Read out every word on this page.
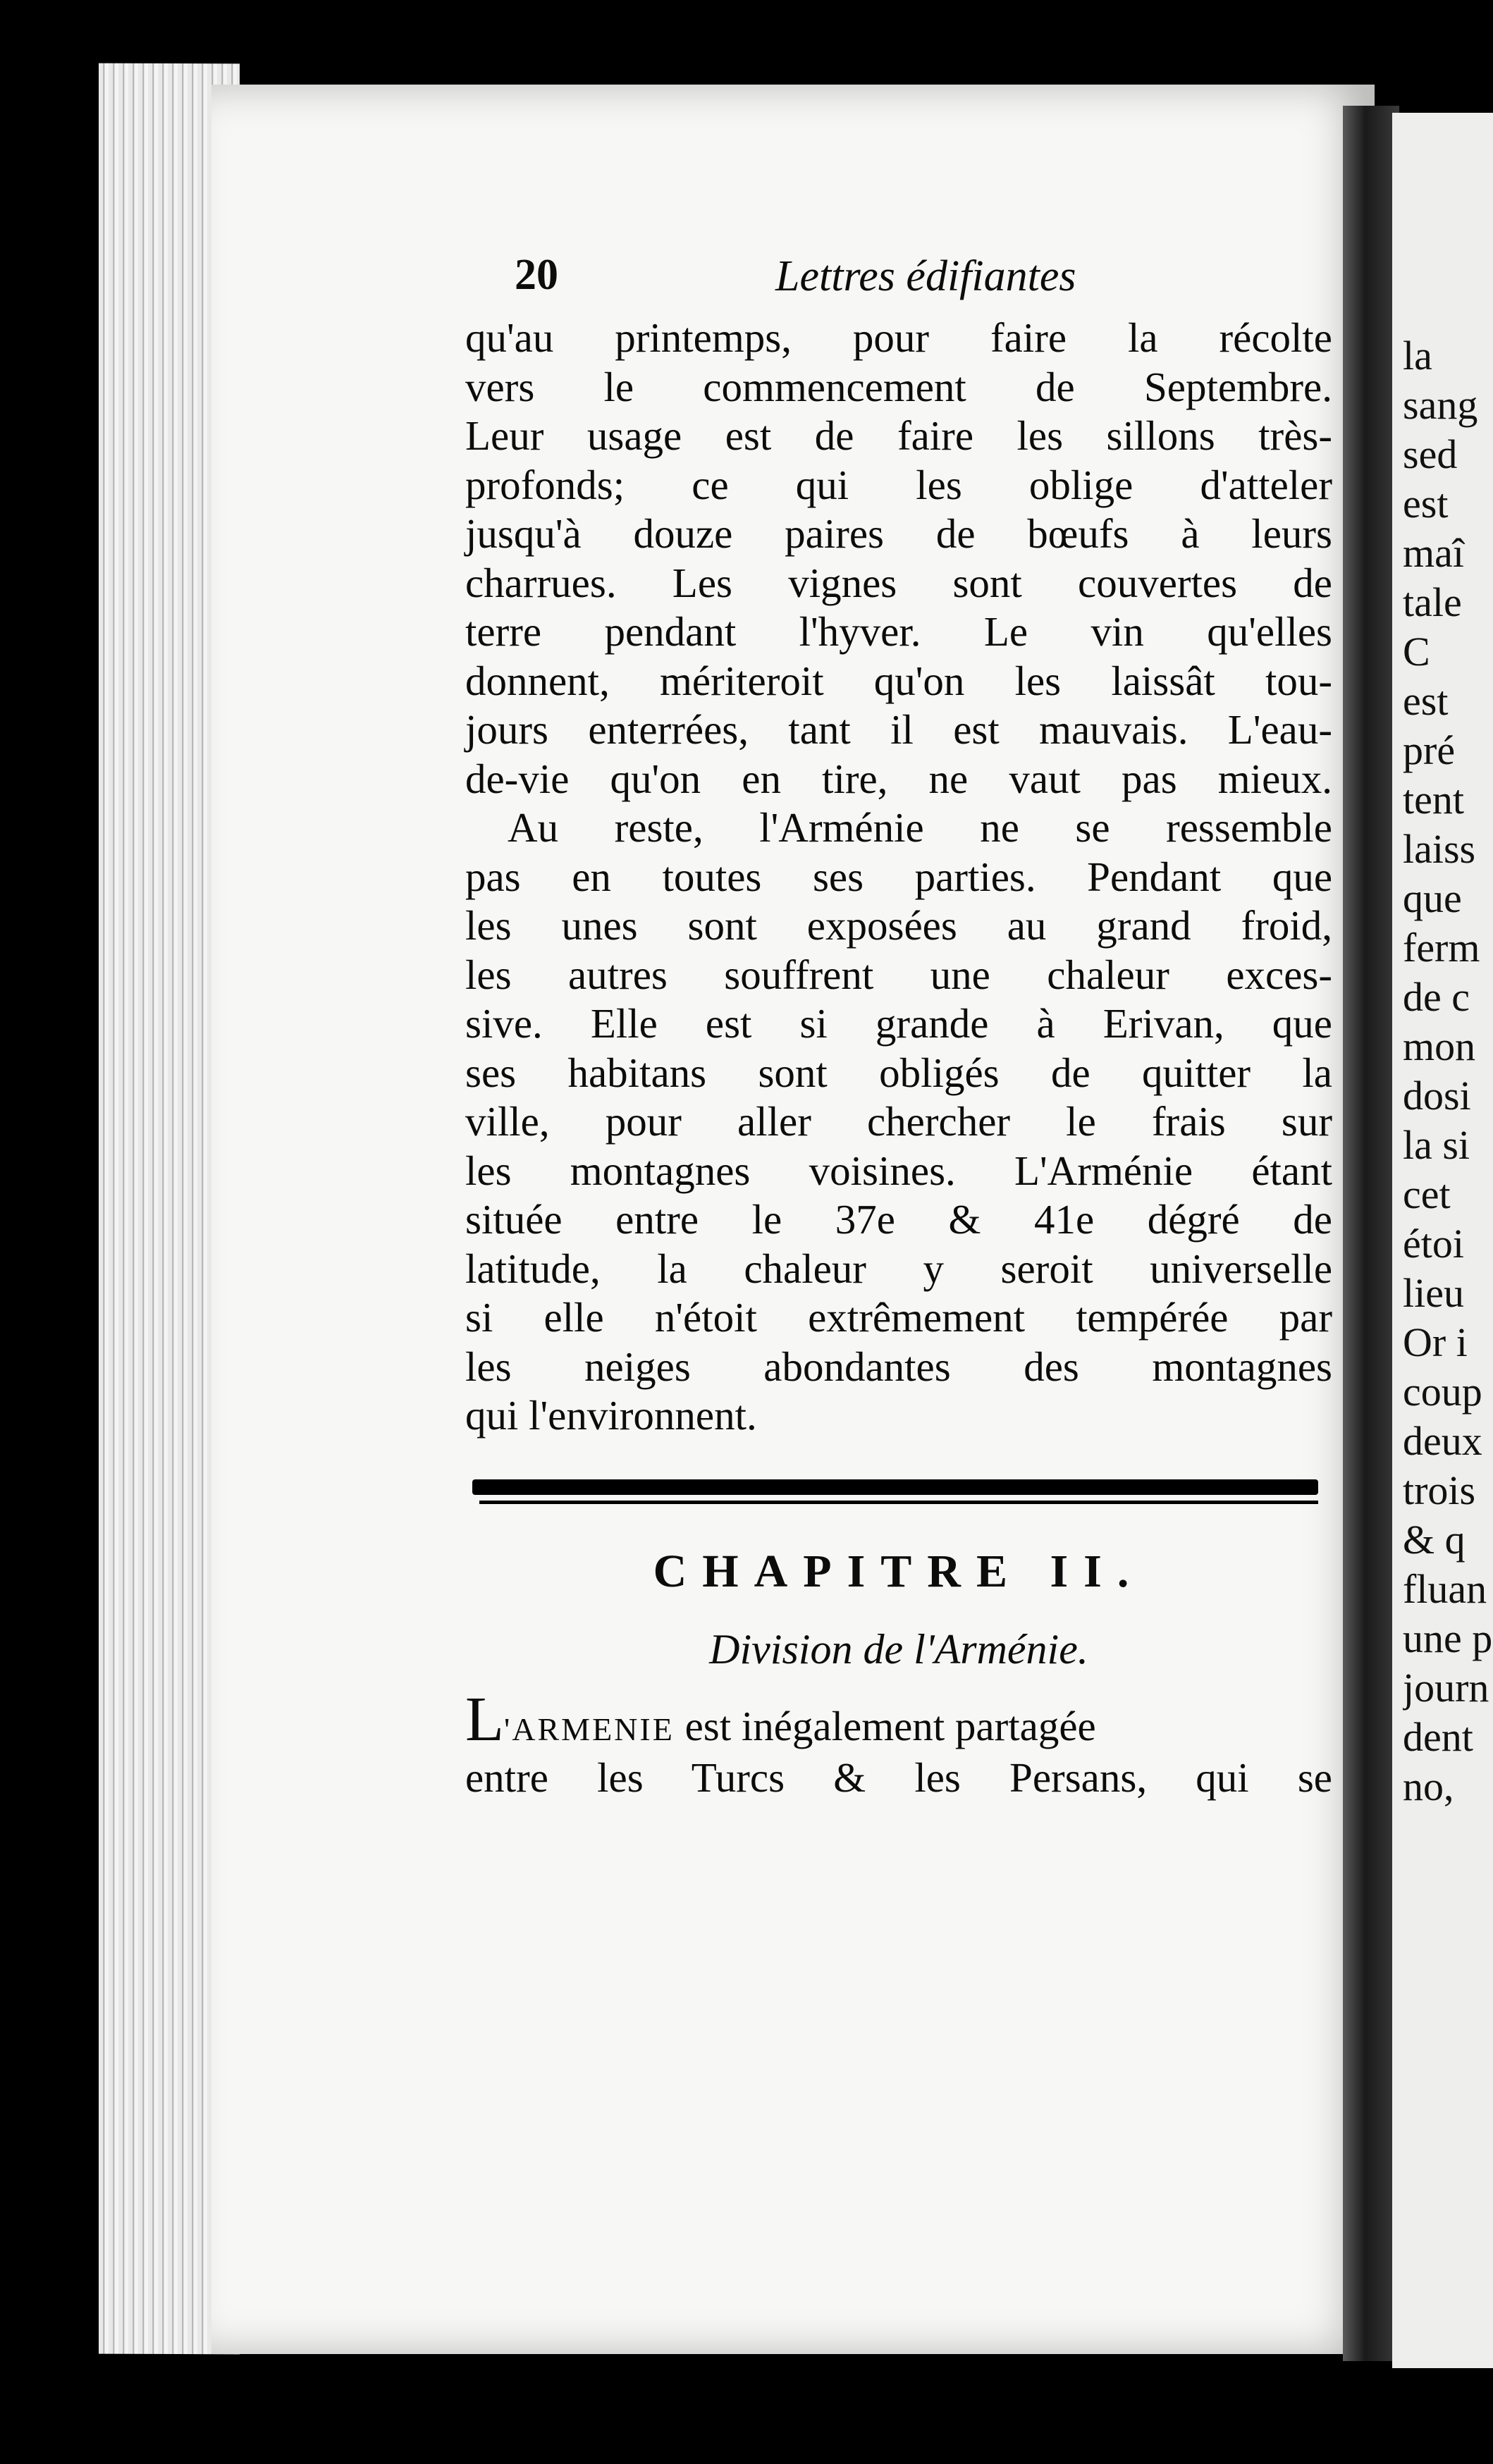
la
sang
sed
est
maî
tale
C
est
pré
tent
laiss
que
ferm
de c
mon
dosi
la si
cet
étoi
lieu
Or i
coup
deux
trois
& q
fluan
une p
journ
dent
no,
20	Lettres édifiantes
qu'au printemps, pour faire la récolte
vers le commencement de Septembre.
Leur usage est de faire les sillons très-
profonds; ce qui les oblige d'atteler
jusqu'à douze paires de bœufs à leurs
charrues. Les vignes sont couvertes de
terre pendant l'hyver. Le vin qu'elles
donnent, mériteroit qu'on les laissât tou-
jours enterrées, tant il est mauvais. L'eau-
de-vie qu'on en tire, ne vaut pas mieux.
Au reste, l'Arménie ne se ressemble
pas en toutes ses parties. Pendant que
les unes sont exposées au grand froid,
les autres souffrent une chaleur exces-
sive. Elle est si grande à Erivan, que
ses habitans sont obligés de quitter la
ville, pour aller chercher le frais sur
les montagnes voisines. L'Arménie étant
située entre le 37e & 41e dégré de
latitude, la chaleur y seroit universelle
si elle n'étoit extrêmement tempérée par
les neiges abondantes des montagnes
qui l'environnent.
CHAPITRE II.
Division de l'Arménie.
L'ARMENIE est inégalement partagée
entre les Turcs & les Persans, qui se
